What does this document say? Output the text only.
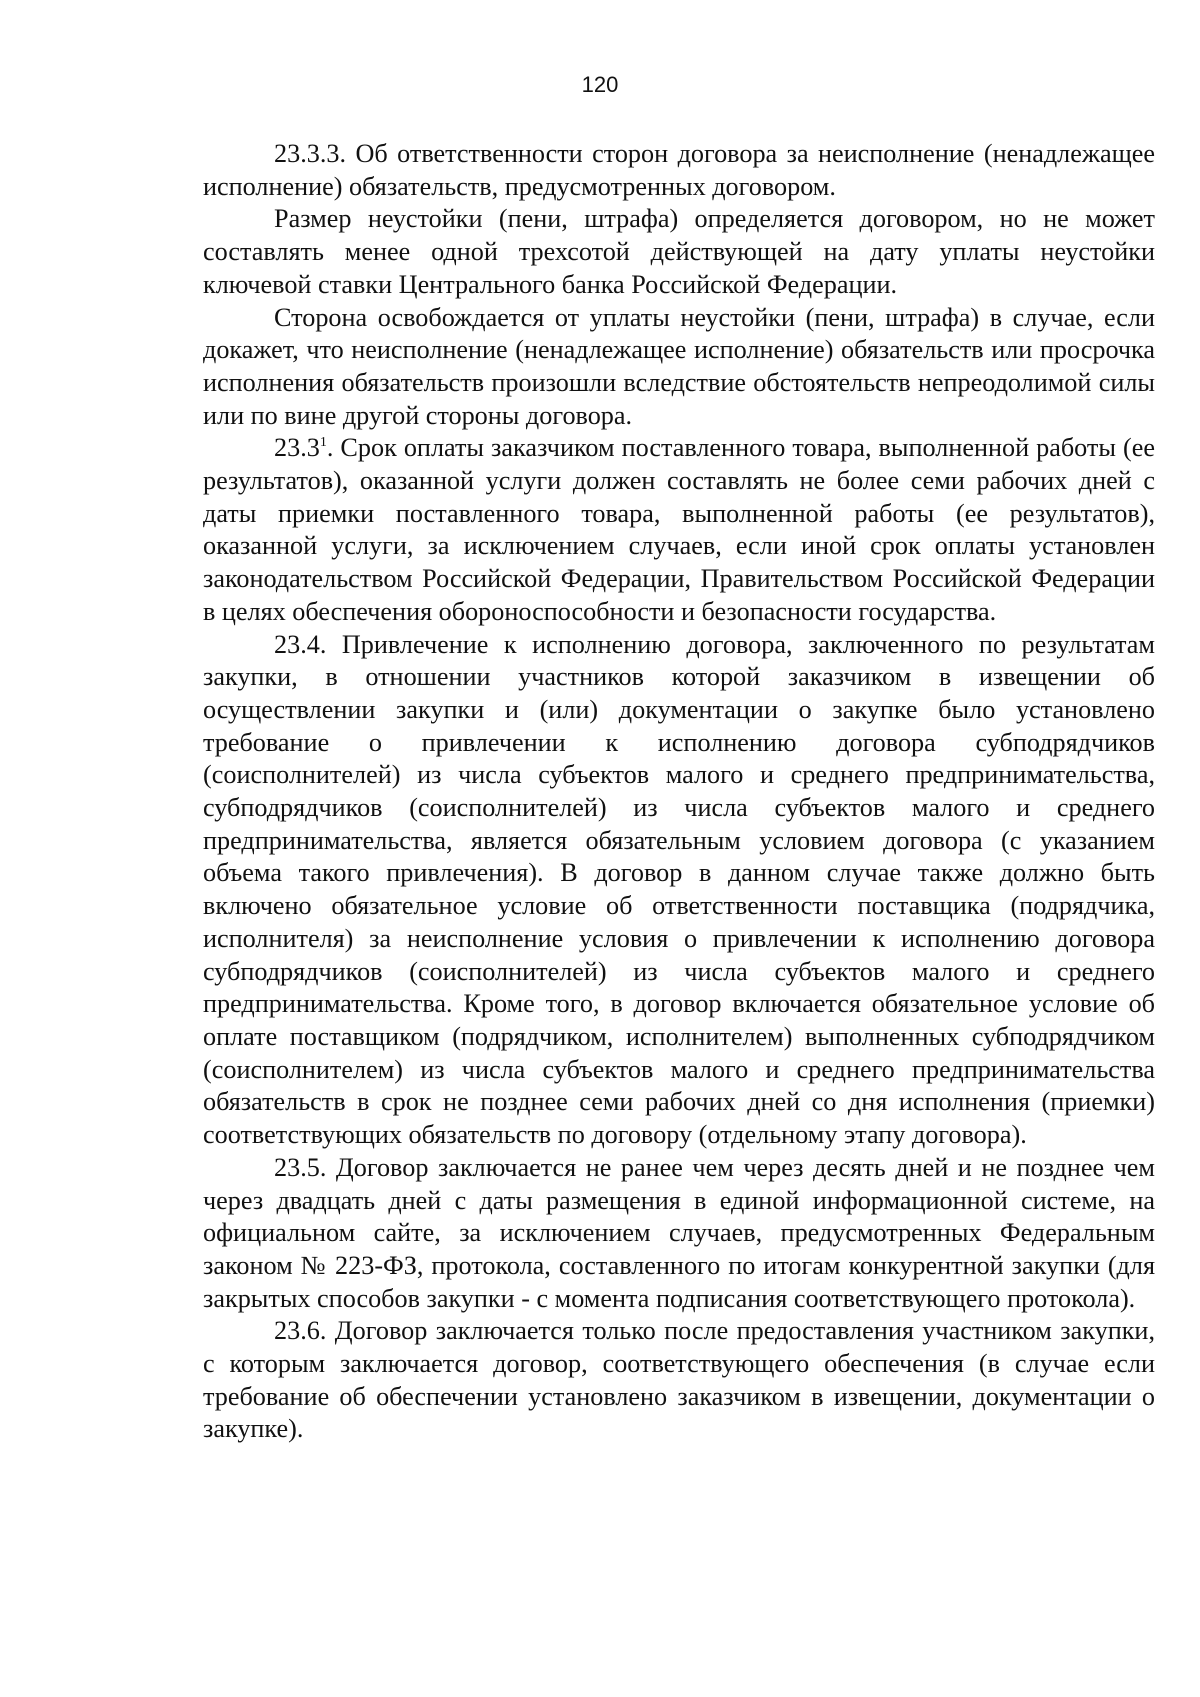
120

23.3.3. Об ответственности сторон договора за неисполнение (ненадлежащее исполнение) обязательств, предусмотренных договором.

Размер неустойки (пени, штрафа) определяется договором, но не может составлять менее одной трехсотой действующей на дату уплаты неустойки ключевой ставки Центрального банка Российской Федерации.

Сторона освобождается от уплаты неустойки (пени, штрафа) в случае, если докажет, что неисполнение (ненадлежащее исполнение) обязательств или просрочка исполнения обязательств произошли вследствие обстоятельств непреодолимой силы или по вине другой стороны договора.

23.3$^1$. Срок оплаты заказчиком поставленного товара, выполненной работы (ее результатов), оказанной услуги должен составлять не более семи рабочих дней с даты приемки поставленного товара, выполненной работы (ее результатов), оказанной услуги, за исключением случаев, если иной срок оплаты установлен законодательством Российской Федерации, Правительством Российской Федерации в целях обеспечения обороноспособности и безопасности государства.

23.4. Привлечение к исполнению договора, заключенного по результатам закупки, в отношении участников которой заказчиком в извещении об осуществлении закупки и (или) документации о закупке было установлено требование о привлечении к исполнению договора субподрядчиков (соисполнителей) из числа субъектов малого и среднего предпринимательства, субподрядчиков (соисполнителей) из числа субъектов малого и среднего предпринимательства, является обязательным условием договора (с указанием объема такого привлечения). В договор в данном случае также должно быть включено обязательное условие об ответственности поставщика (подрядчика, исполнителя) за неисполнение условия о привлечении к исполнению договора субподрядчиков (соисполнителей) из числа субъектов малого и среднего предпринимательства. Кроме того, в договор включается обязательное условие об оплате поставщиком (подрядчиком, исполнителем) выполненных субподрядчиком (соисполнителем) из числа субъектов малого и среднего предпринимательства обязательств в срок не позднее семи рабочих дней со дня исполнения (приемки) соответствующих обязательств по договору (отдельному этапу договора).

23.5. Договор заключается не ранее чем через десять дней и не позднее чем через двадцать дней с даты размещения в единой информационной системе, на официальном сайте, за исключением случаев, предусмотренных Федеральным законом № 223-ФЗ, протокола, составленного по итогам конкурентной закупки (для закрытых способов закупки - с момента подписания соответствующего протокола).

23.6. Договор заключается только после предоставления участником закупки, с которым заключается договор, соответствующего обеспечения (в случае если требование об обеспечении установлено заказчиком в извещении, документации о закупке).
